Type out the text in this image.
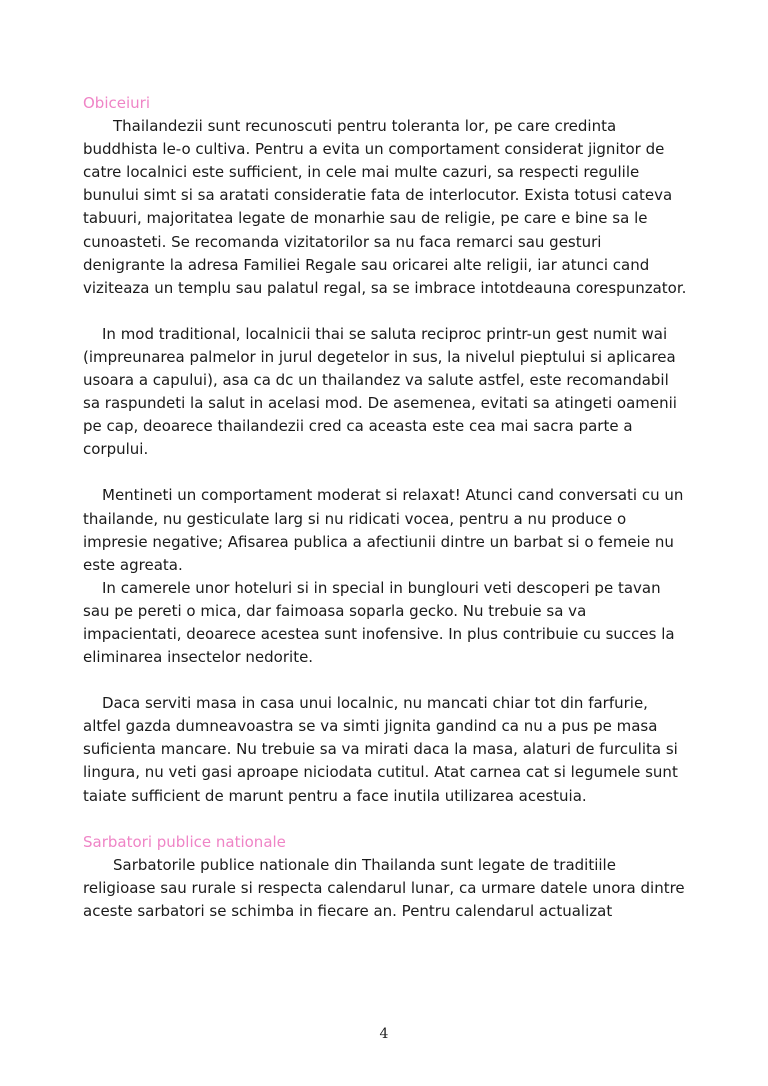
Obiceiuri

Thailandezii sunt recunoscuti pentru toleranta lor, pe care credinta buddhista le-o cultiva. Pentru a evita un comportament considerat jignitor de catre localnici este sufficient, in cele mai multe cazuri, sa respecti regulile bunului simt si sa aratati consideratie fata de interlocutor. Exista totusi cateva tabuuri, majoritatea legate de monarhie sau de religie, pe care e bine sa le cunoasteti. Se recomanda vizitatorilor sa nu faca remarci sau gesturi denigrante la adresa Familiei Regale sau oricarei alte religii, iar atunci cand viziteaza un templu sau palatul regal, sa se imbrace intotdeauna corespunzator.

In mod traditional, localnicii thai se saluta reciproc printr-un gest numit wai (impreunarea palmelor in jurul degetelor in sus, la nivelul pieptului si aplicarea usoara a capului), asa ca dc un thailandez va salute astfel, este recomandabil sa raspundeti la salut in acelasi mod. De asemenea, evitati sa atingeti oamenii pe cap, deoarece thailandezii cred ca aceasta este cea mai sacra parte a corpului.

Mentineti un comportament moderat si relaxat! Atunci cand conversati cu un thailande, nu gesticulate larg si nu ridicati vocea, pentru a nu produce o impresie negative; Afisarea publica a afectiunii dintre un barbat si o femeie nu este agreata.

In camerele unor hoteluri si in special in bunglouri veti descoperi pe tavan sau pe pereti o mica, dar faimoasa soparla gecko. Nu trebuie sa va impacientati, deoarece acestea sunt inofensive. In plus contribuie cu succes la eliminarea insectelor nedorite.

Daca serviti masa in casa unui localnic, nu mancati chiar tot din farfurie, altfel gazda dumneavoastra se va simti jignita gandind ca nu a pus pe masa suficienta mancare. Nu trebuie sa va mirati daca la masa, alaturi de furculita si lingura, nu veti gasi aproape niciodata cutitul. Atat carnea cat si legumele sunt taiate sufficient de marunt pentru a face inutila utilizarea acestuia.

Sarbatori publice nationale

Sarbatorile publice nationale din Thailanda sunt legate de traditiile religioase sau rurale si respecta calendarul lunar, ca urmare datele unora dintre aceste sarbatori se schimba in fiecare an. Pentru calendarul actualizat

4
